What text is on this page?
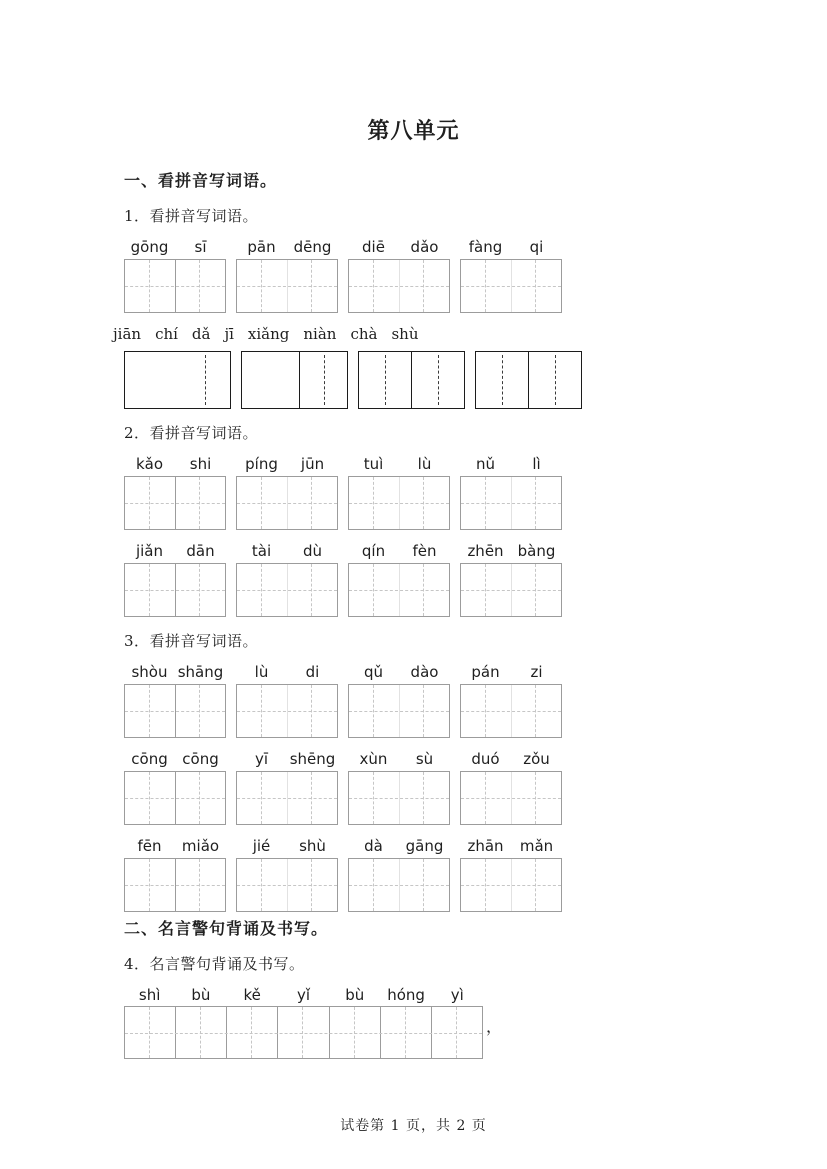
第八单元
一、看拼音写词语。
1．看拼音写词语。
gōng	sī	pān	dēng	diē	dǎo	fàng	qi
jiān chí dǎ jī xiǎng niàn chà shù
2．看拼音写词语。
kǎo	shi	píng	jūn	tuì	lù	nǔ	lì
jiǎn	dān	tài	dù	qín	fèn	zhēn bàng
3．看拼音写词语。
shòu shāng	lù	di	qǔ	dào	pán	zi
cōng cōng	yī	shēng	xùn	sù	duó	zǒu
fēn	miǎo	jié	shù	dà	gāng	zhān	mǎn
二、名言警句背诵及书写。
4．名言警句背诵及书写。
shì	bù	kě	yǐ	bù	hóng	yì
，
试卷第 1 页，共 2 页
